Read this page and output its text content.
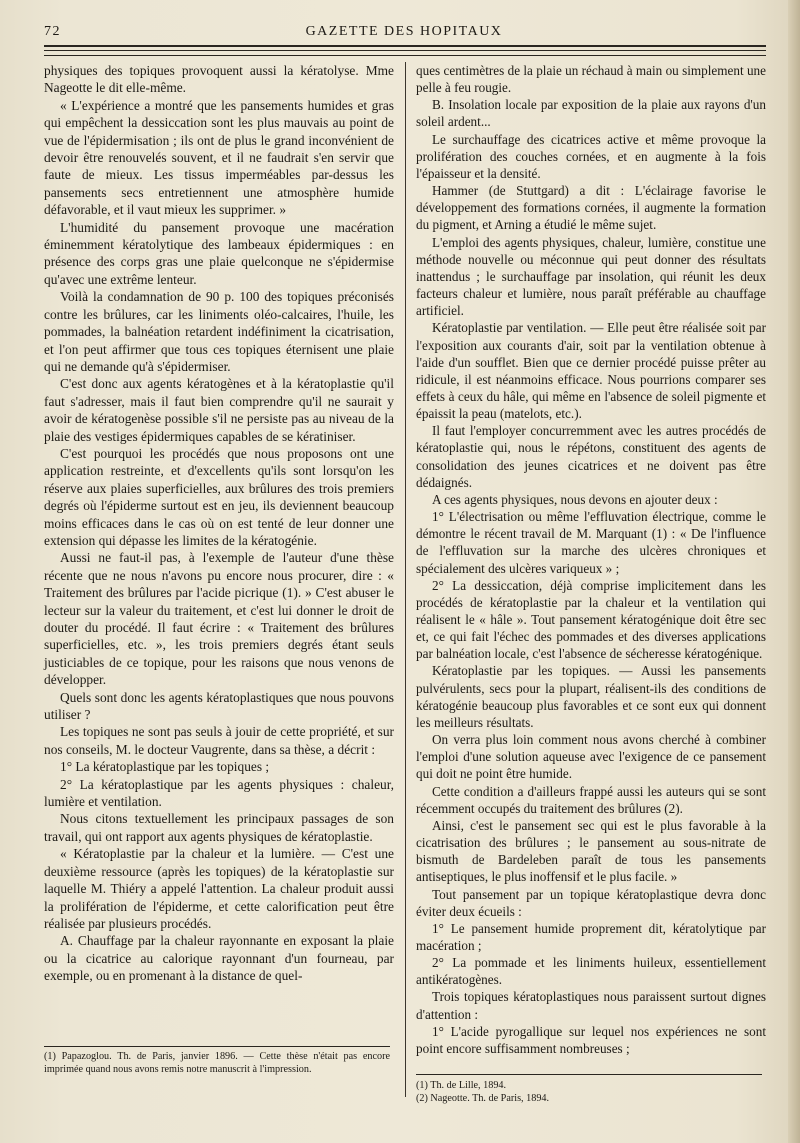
72	GAZETTE DES HOPITAUX

physiques des topiques provoquent aussi la kératolyse. Mme Nageotte le dit elle-même.

« L'expérience a montré que les pansements humides et gras qui empêchent la dessiccation sont les plus mauvais au point de vue de l'épidermisation ; ils ont de plus le grand inconvénient de devoir être renouvelés souvent, et il ne faudrait s'en servir que faute de mieux. Les tissus imperméables par-dessus les pansements secs entretiennent une atmosphère humide défavorable, et il vaut mieux les supprimer. »

L'humidité du pansement provoque une macération éminemment kératolytique des lambeaux épidermiques : en présence des corps gras une plaie quelconque ne s'épidermise qu'avec une extrême lenteur.

Voilà la condamnation de 90 p. 100 des topiques préconisés contre les brûlures, car les liniments oléo-calcaires, l'huile, les pommades, la balnéation retardent indéfiniment la cicatrisation, et l'on peut affirmer que tous ces topiques éternisent une plaie qui ne demande qu'à s'épidermiser.

C'est donc aux agents kératogènes et à la kératoplastie qu'il faut s'adresser, mais il faut bien comprendre qu'il ne saurait y avoir de kératogenèse possible s'il ne persiste pas au niveau de la plaie des vestiges épidermiques capables de se kératiniser.

C'est pourquoi les procédés que nous proposons ont une application restreinte, et d'excellents qu'ils sont lorsqu'on les réserve aux plaies superficielles, aux brûlures des trois premiers degrés où l'épiderme surtout est en jeu, ils deviennent beaucoup moins efficaces dans le cas où on est tenté de leur donner une extension qui dépasse les limites de la kératogénie.

Aussi ne faut-il pas, à l'exemple de l'auteur d'une thèse récente que ne nous n'avons pu encore nous procurer, dire : « Traitement des brûlures par l'acide picrique (1). » C'est abuser le lecteur sur la valeur du traitement, et c'est lui donner le droit de douter du procédé. Il faut écrire : « Traitement des brûlures superficielles, etc. », les trois premiers degrés étant seuls justiciables de ce topique, pour les raisons que nous venons de développer.

Quels sont donc les agents kératoplastiques que nous pouvons utiliser ?

Les topiques ne sont pas seuls à jouir de cette propriété, et sur nos conseils, M. le docteur Vaugrente, dans sa thèse, a décrit :

1° La kératoplastique par les topiques ;

2° La kératoplastique par les agents physiques : chaleur, lumière et ventilation.

Nous citons textuellement les principaux passages de son travail, qui ont rapport aux agents physiques de kératoplastie.

« Kératoplastie par la chaleur et la lumière. — C'est une deuxième ressource (après les topiques) de la kératoplastie sur laquelle M. Thiéry a appelé l'attention. La chaleur produit aussi la prolifération de l'épiderme, et cette calorification peut être réalisée par plusieurs procédés.

A. Chauffage par la chaleur rayonnante en exposant la plaie ou la cicatrice au calorique rayonnant d'un fourneau, par exemple, ou en promenant à la distance de quel-

(1) Papazoglou. Th. de Paris, janvier 1896. — Cette thèse n'était pas encore imprimée quand nous avons remis notre manuscrit à l'impression.

ques centimètres de la plaie un réchaud à main ou simplement une pelle à feu rougie.

B. Insolation locale par exposition de la plaie aux rayons d'un soleil ardent...

Le surchauffage des cicatrices active et même provoque la prolifération des couches cornées, et en augmente à la fois l'épaisseur et la densité.

Hammer (de Stuttgard) a dit : L'éclairage favorise le développement des formations cornées, il augmente la formation du pigment, et Arning a étudié le même sujet.

L'emploi des agents physiques, chaleur, lumière, constitue une méthode nouvelle ou méconnue qui peut donner des résultats inattendus ; le surchauffage par insolation, qui réunit les deux facteurs chaleur et lumière, nous paraît préférable au chauffage artificiel.

Kératoplastie par ventilation. — Elle peut être réalisée soit par l'exposition aux courants d'air, soit par la ventilation obtenue à l'aide d'un soufflet. Bien que ce dernier procédé puisse prêter au ridicule, il est néanmoins efficace. Nous pourrions comparer ses effets à ceux du hâle, qui même en l'absence de soleil pigmente et épaissit la peau (matelots, etc.).

Il faut l'employer concurremment avec les autres procédés de kératoplastie qui, nous le répétons, constituent des agents de consolidation des jeunes cicatrices et ne doivent pas être dédaignés.

A ces agents physiques, nous devons en ajouter deux :

1° L'électrisation ou même l'effluvation électrique, comme le démontre le récent travail de M. Marquant (1) : « De l'influence de l'effluvation sur la marche des ulcères chroniques et spécialement des ulcères variqueux » ;

2° La dessiccation, déjà comprise implicitement dans les procédés de kératoplastie par la chaleur et la ventilation qui réalisent le « hâle ». Tout pansement kératogénique doit être sec et, ce qui fait l'échec des pommades et des diverses applications par balnéation locale, c'est l'absence de sécheresse kératogénique.

Kératoplastie par les topiques. — Aussi les pansements pulvérulents, secs pour la plupart, réalisent-ils des conditions de kératogénie beaucoup plus favorables et ce sont eux qui donnent les meilleurs résultats.

On verra plus loin comment nous avons cherché à combiner l'emploi d'une solution aqueuse avec l'exigence de ce pansement qui doit ne point être humide.

Cette condition a d'ailleurs frappé aussi les auteurs qui se sont récemment occupés du traitement des brûlures (2).

Ainsi, c'est le pansement sec qui est le plus favorable à la cicatrisation des brûlures ; le pansement au sous-nitrate de bismuth de Bardeleben paraît de tous les pansements antiseptiques, le plus inoffensif et le plus facile. »

Tout pansement par un topique kératoplastique devra donc éviter deux écueils :

1° Le pansement humide proprement dit, kératolytique par macération ;

2° La pommade et les liniments huileux, essentiellement antikératogènes.

Trois topiques kératoplastiques nous paraissent surtout dignes d'attention :

1° L'acide pyrogallique sur lequel nos expériences ne sont point encore suffisamment nombreuses ;

(1) Th. de Lille, 1894.

(2) Nageotte. Th. de Paris, 1894.
